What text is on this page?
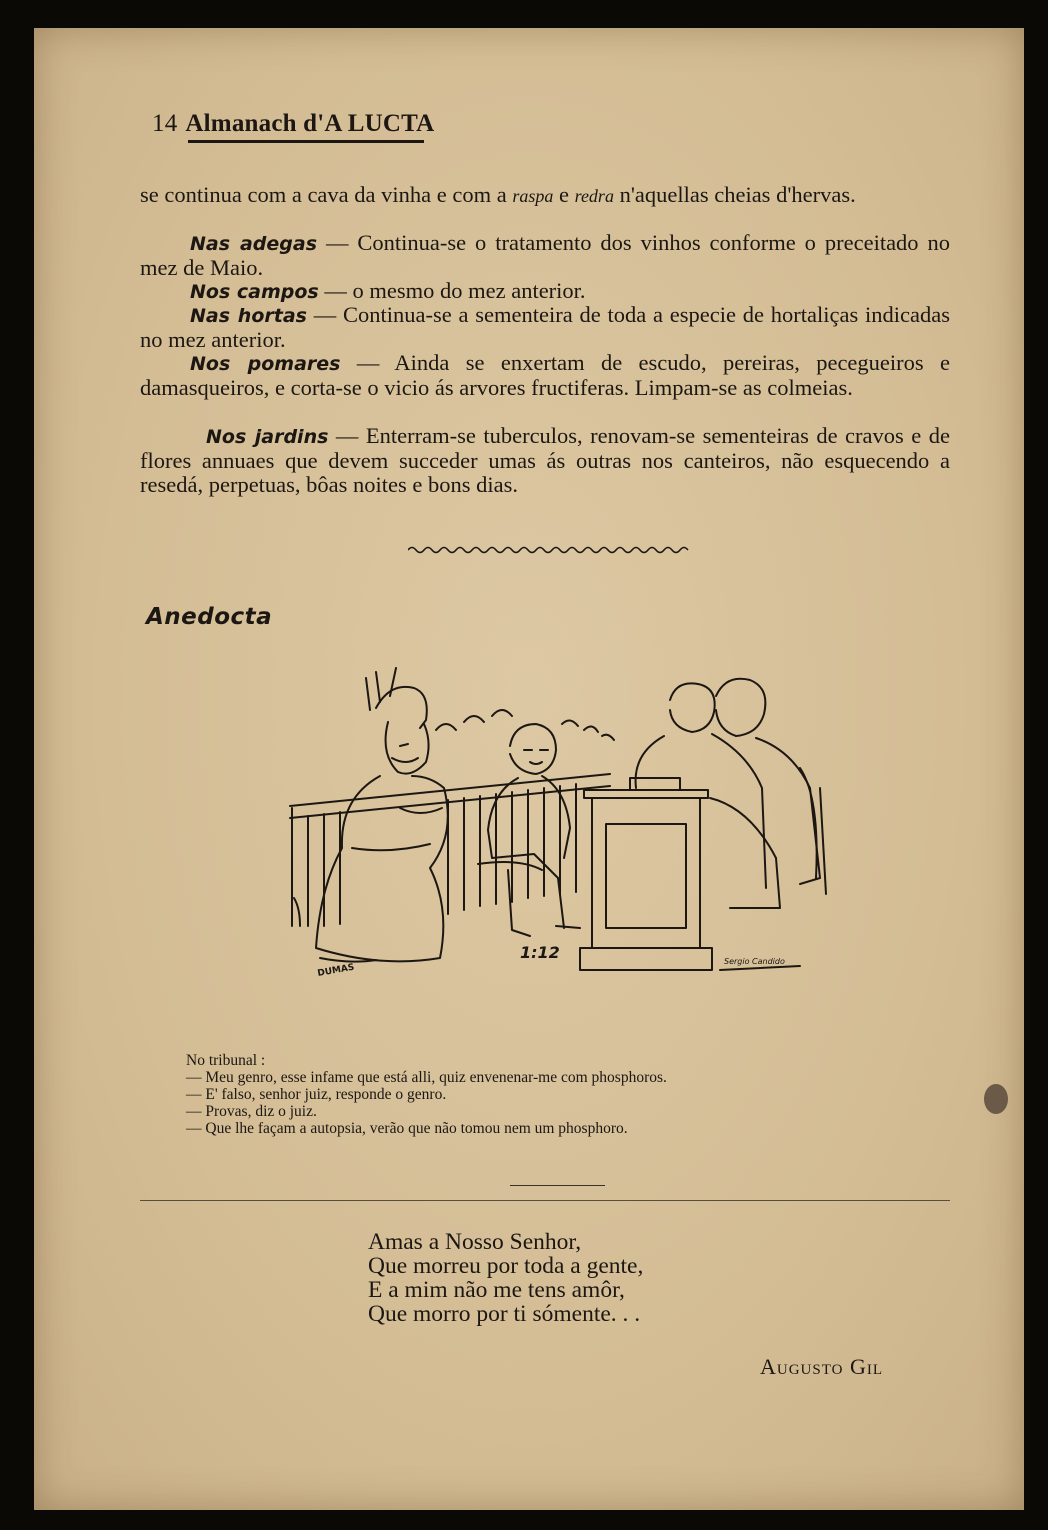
14 Almanach d'A LUCTA
se continua com a cava da vinha e com a raspa e redra n'aquellas cheias d'hervas.
Nas adegas — Continua-se o tratamento dos vinhos conforme o preceitado no mez de Maio.
Nos campos — o mesmo do mez anterior.
Nas hortas — Continua-se a sementeira de toda a especie de hortaliças indicadas no mez anterior.
Nos pomares — Ainda se enxertam de escudo, pereiras, pecegueiros e damasqueiros, e corta-se o vicio ás arvores fructiferas. Limpam-se as colmeias.
Nos jardins — Enterram-se tuberculos, renovam-se sementeiras de cravos e de flores annuaes que devem succeder umas ás outras nos canteiros, não esquecendo a resedá, perpetuas, bôas noites e bons dias.
Anedocta
DUMAS
1:12	Sergio Candido
No tribunal :
— Meu genro, esse infame que está alli, quiz envenenar-me com phosphoros.
— E' falso, senhor juiz, responde o genro.
— Provas, diz o juiz.
— Que lhe façam a autopsia, verão que não tomou nem um phosphoro.
Amas a Nosso Senhor,
Que morreu por toda a gente,
E a mim não me tens amôr,
Que morro por ti sómente. . .
Augusto Gil
